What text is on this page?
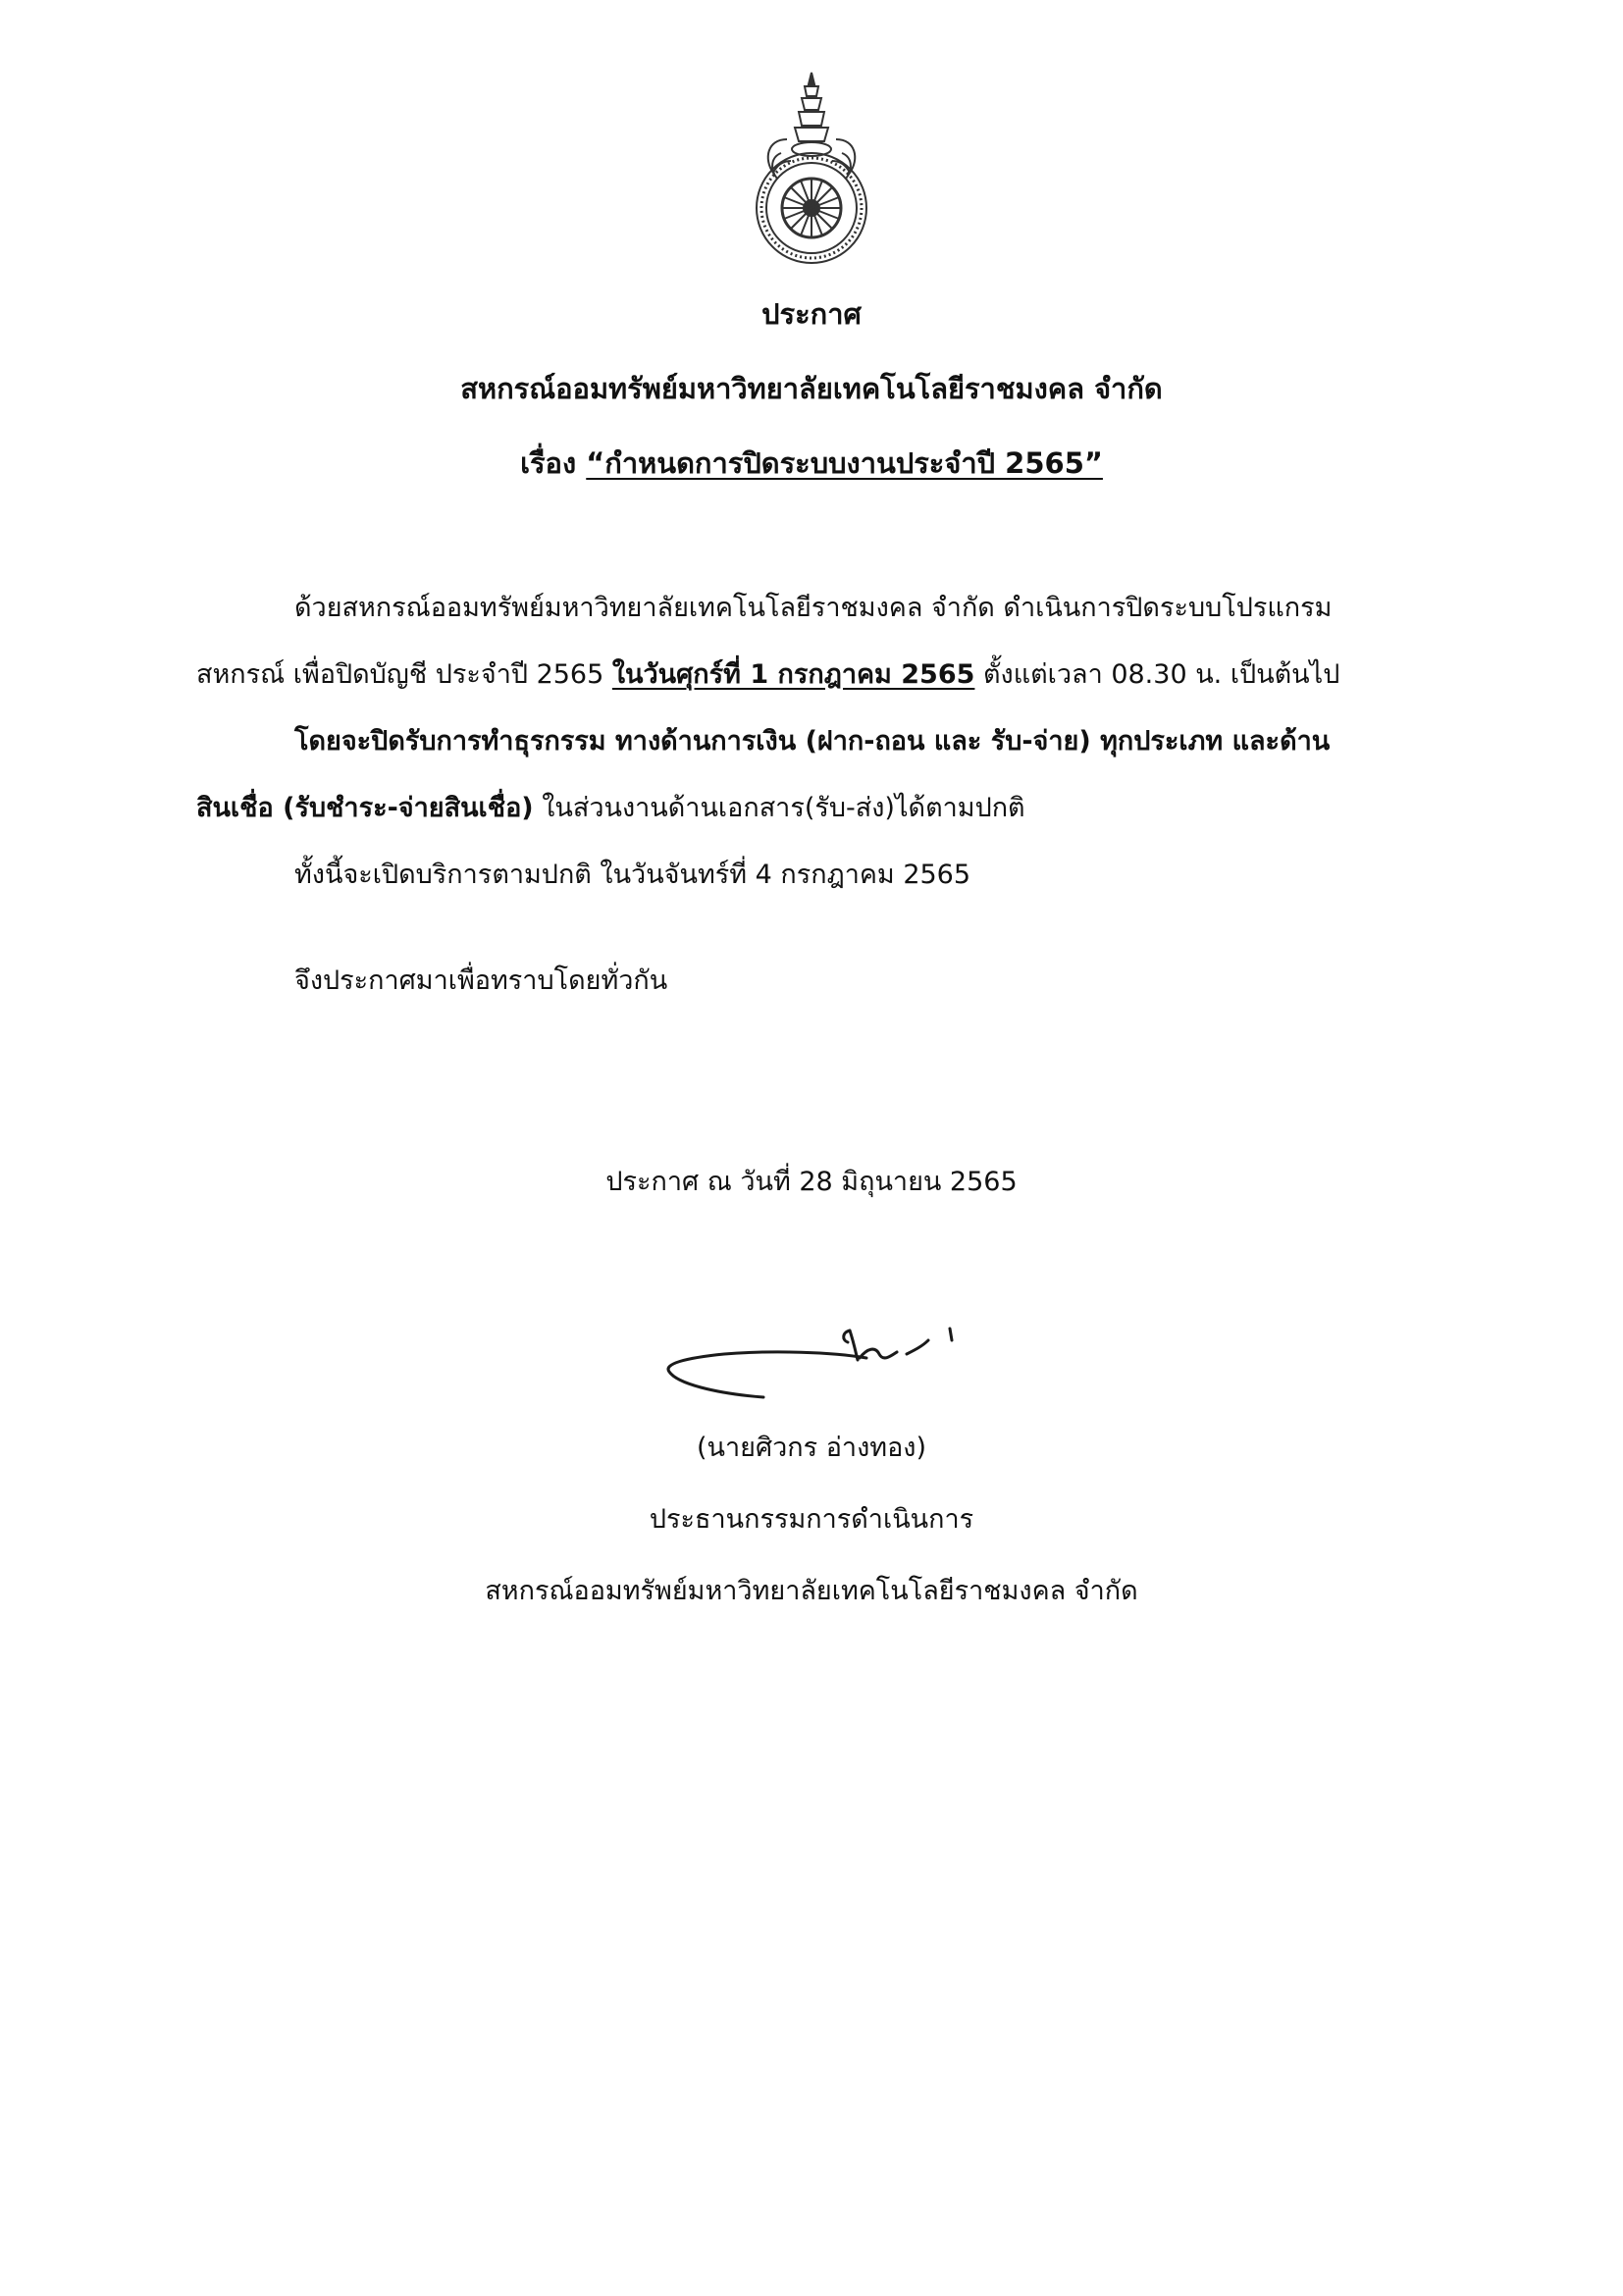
ประกาศ
สหกรณ์ออมทรัพย์มหาวิทยาลัยเทคโนโลยีราชมงคล จำกัด
เรื่อง “กำหนดการปิดระบบงานประจำปี 2565”
ด้วยสหกรณ์ออมทรัพย์มหาวิทยาลัยเทคโนโลยีราชมงคล จำกัด ดำเนินการปิดระบบโปรแกรม
สหกรณ์ เพื่อปิดบัญชี ประจำปี 2565 ในวันศุกร์ที่ 1 กรกฎาคม 2565 ตั้งแต่เวลา 08.30 น. เป็นต้นไป
โดยจะปิดรับการทำธุรกรรม ทางด้านการเงิน (ฝาก-ถอน และ รับ-จ่าย) ทุกประเภท และด้าน
สินเชื่อ (รับชำระ-จ่ายสินเชื่อ) ในส่วนงานด้านเอกสาร(รับ-ส่ง)ได้ตามปกติ
ทั้งนี้จะเปิดบริการตามปกติ ในวันจันทร์ที่ 4 กรกฎาคม 2565
จึงประกาศมาเพื่อทราบโดยทั่วกัน
ประกาศ ณ วันที่ 28 มิถุนายน 2565
(นายศิวกร อ่างทอง)
ประธานกรรมการดำเนินการ
สหกรณ์ออมทรัพย์มหาวิทยาลัยเทคโนโลยีราชมงคล จำกัด
